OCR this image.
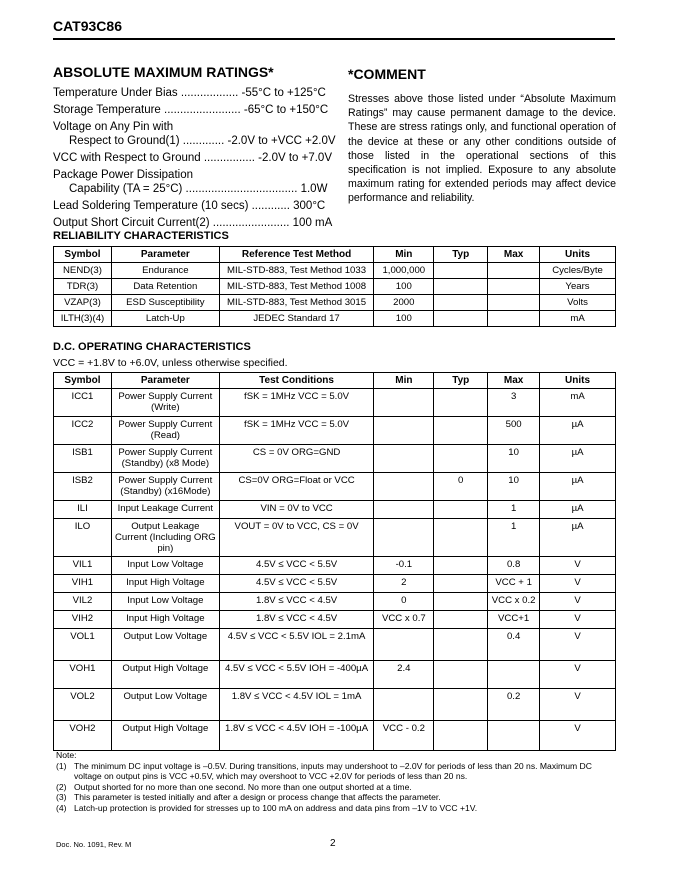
CAT93C86
ABSOLUTE MAXIMUM RATINGS*
Temperature Under Bias .................. -55°C to +125°C
Storage Temperature ........................ -65°C to +150°C
Voltage on Any Pin with
Respect to Ground(1) ............. -2.0V to +VCC +2.0V
VCC with Respect to Ground ................ -2.0V to +7.0V
Package Power Dissipation
Capability (TA = 25°C) ................................... 1.0W
Lead Soldering Temperature (10 secs) ............ 300°C
Output Short Circuit Current(2) ........................ 100 mA
*COMMENT
Stresses above those listed under “Absolute Maximum Ratings” may cause permanent damage to the device. These are stress ratings only, and functional operation of the device at these or any other conditions outside of those listed in the operational sections of this specification is not implied. Exposure to any absolute maximum rating for extended periods may affect device performance and reliability.
RELIABILITY CHARACTERISTICS
Symbol	Parameter	Reference Test Method	Min	Typ	Max	Units
NEND(3)	Endurance	MIL-STD-883, Test Method 1033	1,000,000			Cycles/Byte
TDR(3)	Data Retention	MIL-STD-883, Test Method 1008	100			Years
VZAP(3)	ESD Susceptibility	MIL-STD-883, Test Method 3015	2000			Volts
ILTH(3)(4)	Latch-Up	JEDEC Standard 17	100			mA
D.C. OPERATING CHARACTERISTICS
VCC = +1.8V to +6.0V, unless otherwise specified.
Symbol	Parameter	Test Conditions	Min	Typ	Max	Units
ICC1	Power Supply Current (Write)	fSK = 1MHz VCC = 5.0V			3	mA
ICC2	Power Supply Current (Read)	fSK = 1MHz VCC = 5.0V			500	µA
ISB1	Power Supply Current (Standby) (x8 Mode)	CS = 0V ORG=GND			10	µA
ISB2	Power Supply Current (Standby) (x16Mode)	CS=0V ORG=Float or VCC		0	10	µA
ILI	Input Leakage Current	VIN = 0V to VCC			1	µA
ILO	Output Leakage Current (Including ORG pin)	VOUT = 0V to VCC, CS = 0V			1	µA
VIL1	Input Low Voltage	4.5V ≤ VCC < 5.5V	-0.1		0.8	V
VIH1	Input High Voltage	4.5V ≤ VCC < 5.5V	2		VCC + 1	V
VIL2	Input Low Voltage	1.8V ≤ VCC < 4.5V	0		VCC x 0.2	V
VIH2	Input High Voltage	1.8V ≤ VCC < 4.5V	VCC x 0.7		VCC+1	V
VOL1	Output Low Voltage	4.5V ≤ VCC < 5.5V IOL = 2.1mA			0.4	V
VOH1	Output High Voltage	4.5V ≤ VCC < 5.5V IOH = -400µA	2.4			V
VOL2	Output Low Voltage	1.8V ≤ VCC < 4.5V IOL = 1mA			0.2	V
VOH2	Output High Voltage	1.8V ≤ VCC < 4.5V IOH = -100µA	VCC - 0.2			V
Note:
(1) The minimum DC input voltage is –0.5V. During transitions, inputs may undershoot to –2.0V for periods of less than 20 ns. Maximum DC voltage on output pins is VCC +0.5V, which may overshoot to VCC +2.0V for periods of less than 20 ns.
(2) Output shorted for no more than one second. No more than one output shorted at a time.
(3) This parameter is tested initially and after a design or process change that affects the parameter.
(4) Latch-up protection is provided for stresses up to 100 mA on address and data pins from –1V to VCC +1V.
Doc. No. 1091, Rev. M	2
